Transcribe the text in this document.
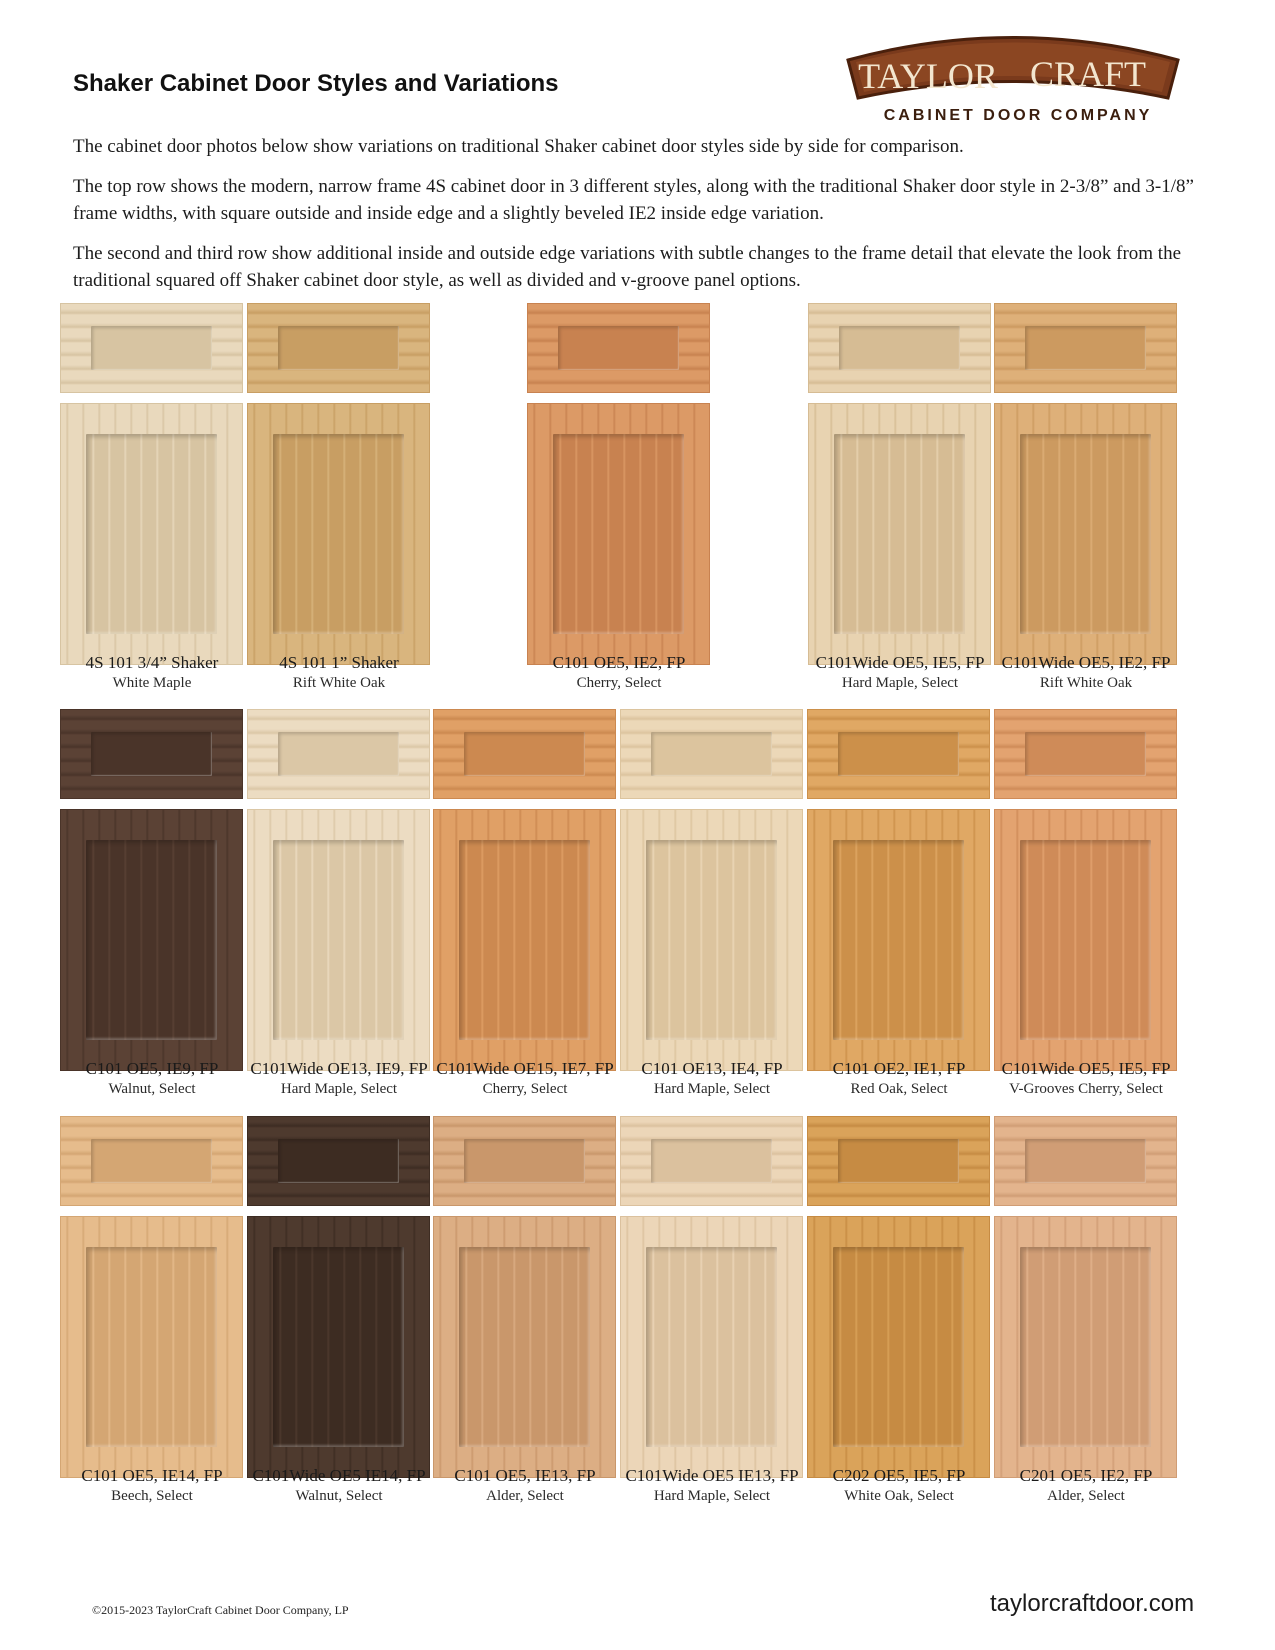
Shaker Cabinet Door Styles and Variations
The cabinet door photos below show variations on traditional Shaker cabinet door styles side by side for comparison.
The top row shows the modern, narrow frame 4S cabinet door in 3 different styles, along with the traditional Shaker door style in 2-3/8” and 3-1/8” frame widths, with square outside and inside edge and a slightly beveled IE2 inside edge variation.
The second and third row show additional inside and outside edge variations with subtle changes to the frame detail that elevate the look from the traditional squared off Shaker cabinet door style, as well as divided and v-groove panel options.
TAYLOR CRAFT
CABINET DOOR COMPANY
4S 101 3/4” Shaker
White Maple
4S 101 1” Shaker
Rift White Oak
C101 OE5, IE2, FP
Cherry, Select
C101Wide OE5, IE5, FP
Hard Maple, Select
C101Wide OE5, IE2, FP
Rift White Oak
C101 OE5, IE9, FP
Walnut, Select
C101Wide OE13, IE9, FP
Hard Maple, Select
C101Wide OE15, IE7, FP
Cherry, Select
C101 OE13, IE4, FP
Hard Maple, Select
C101 OE2, IE1, FP
Red Oak, Select
C101Wide OE5, IE5, FP
V-Grooves Cherry, Select
C101 OE5, IE14, FP
Beech, Select
C101Wide OE5 IE14, FP
Walnut, Select
C101 OE5, IE13, FP
Alder, Select
C101Wide OE5 IE13, FP
Hard Maple, Select
C202 OE5, IE5, FP
White Oak, Select
C201 OE5, IE2, FP
Alder, Select
©2015-2023 TaylorCraft Cabinet Door Company, LP	taylorcraftdoor.com
